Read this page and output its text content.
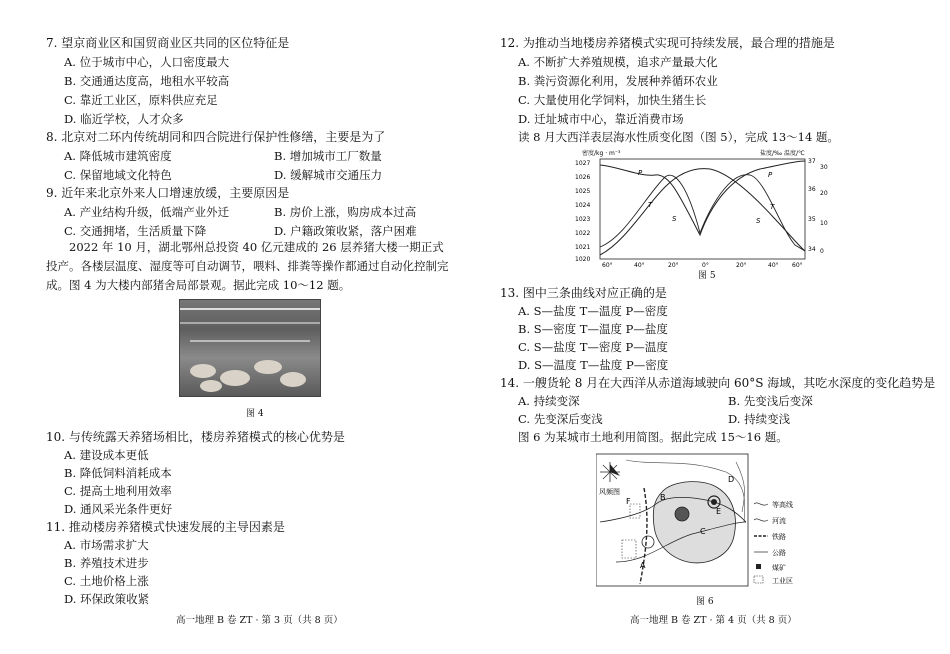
7. 望京商业区和国贸商业区共同的区位特征是
A. 位于城市中心，人口密度最大
B. 交通通达度高，地租水平较高
C. 靠近工业区，原料供应充足
D. 临近学校，人才众多
8. 北京对二环内传统胡同和四合院进行保护性修缮，主要是为了
A. 降低城市建筑密度	B. 增加城市工厂数量
C. 保留地域文化特色	D. 缓解城市交通压力
9. 近年来北京外来人口增速放缓，主要原因是
A. 产业结构升级，低端产业外迁	B. 房价上涨，购房成本过高
C. 交通拥堵，生活质量下降	D. 户籍政策收紧，落户困难
2022 年 10 月，湖北鄂州总投资 40 亿元建成的 26 层养猪大楼一期正式投产。各楼层温度、湿度等可自动调节，喂料、排粪等操作都通过自动化控制完成。图 4 为大楼内部猪舍局部景观。据此完成 10～12 题。
图 4
10. 与传统露天养猪场相比，楼房养猪模式的核心优势是
A. 建设成本更低
B. 降低饲料消耗成本
C. 提高土地利用效率
D. 通风采光条件更好
11. 推动楼房养猪模式快速发展的主导因素是
A. 市场需求扩大
B. 养殖技术进步
C. 土地价格上涨
D. 环保政策收紧
高一地理 B 卷 ZT · 第 3 页（共 8 页）
12. 为推动当地楼房养猪模式实现可持续发展，最合理的措施是
A. 不断扩大养殖规模，追求产量最大化
B. 粪污资源化利用，发展种养循环农业
C. 大量使用化学饲料，加快生猪生长
D. 迁址城市中心，靠近消费市场
读 8 月大西洋表层海水性质变化图（图 5），完成 13～14 题。
密度/kg · m⁻³	盐度/‰ 温度/℃
1027
1026
1025
1024
1023
1022
1021
1020
37
36
35
34
30
20
10
0
60°	40°	20°	0°	20°	40° 60°
P	P
T	T
S	S
图 5
13. 图中三条曲线对应正确的是
A. S—盐度 T—温度 P—密度
B. S—密度 T—温度 P—盐度
C. S—盐度 T—密度 P—温度
D. S—温度 T—盐度 P—密度
14. 一艘货轮 8 月在大西洋从赤道海域驶向 60°S 海域，其吃水深度的变化趋势是
A. 持续变深	B. 先变浅后变深
C. 先变深后变浅	D. 持续变浅
图 6 为某城市土地利用简图。据此完成 15～16 题。
风频图
A
B
C
D
E
F	等高线
河流
铁路
公路
煤矿
工业区
图 6
高一地理 B 卷 ZT · 第 4 页（共 8 页）
